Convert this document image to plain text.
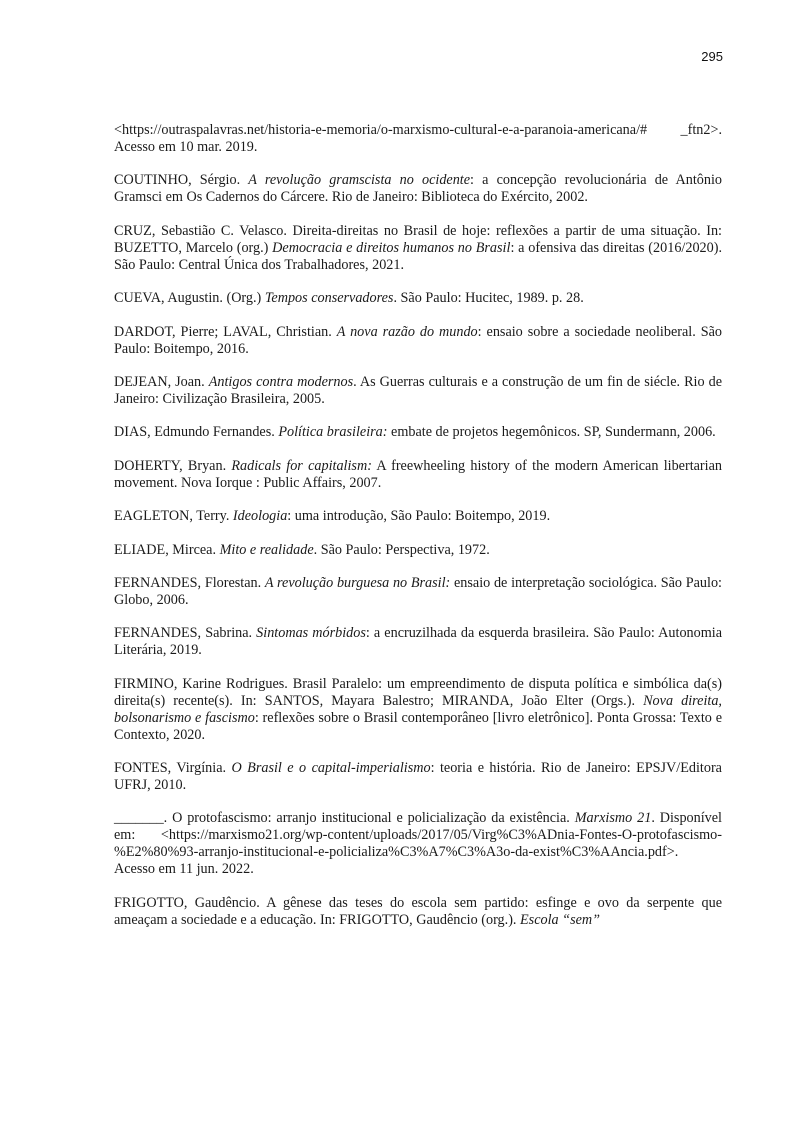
295

<https://outraspalavras.net/historia-e-memoria/o-marxismo-cultural-e-a-paranoia-americana/# _ftn2>. Acesso em 10 mar. 2019.

COUTINHO, Sérgio. A revolução gramscista no ocidente: a concepção revolucionária de Antônio Gramsci em Os Cadernos do Cárcere. Rio de Janeiro: Biblioteca do Exército, 2002.

CRUZ, Sebastião C. Velasco. Direita-direitas no Brasil de hoje: reflexões a partir de uma situação. In: BUZETTO, Marcelo (org.) Democracia e direitos humanos no Brasil: a ofensiva das direitas (2016/2020). São Paulo: Central Única dos Trabalhadores, 2021.

CUEVA, Augustin. (Org.) Tempos conservadores. São Paulo: Hucitec, 1989. p. 28.

DARDOT, Pierre; LAVAL, Christian. A nova razão do mundo: ensaio sobre a sociedade neoliberal. São Paulo: Boitempo, 2016.

DEJEAN, Joan. Antigos contra modernos. As Guerras culturais e a construção de um fin de siécle. Rio de Janeiro: Civilização Brasileira, 2005.

DIAS, Edmundo Fernandes. Política brasileira: embate de projetos hegemônicos. SP, Sundermann, 2006.

DOHERTY, Bryan. Radicals for capitalism: A freewheeling history of the modern American libertarian movement. Nova Iorque : Public Affairs, 2007.

EAGLETON, Terry. Ideologia: uma introdução, São Paulo: Boitempo, 2019.

ELIADE, Mircea. Mito e realidade. São Paulo: Perspectiva, 1972.

FERNANDES, Florestan. A revolução burguesa no Brasil: ensaio de interpretação sociológica. São Paulo: Globo, 2006.

FERNANDES, Sabrina. Sintomas mórbidos: a encruzilhada da esquerda brasileira. São Paulo: Autonomia Literária, 2019.

FIRMINO, Karine Rodrigues. Brasil Paralelo: um empreendimento de disputa política e simbólica da(s) direita(s) recente(s). In: SANTOS, Mayara Balestro; MIRANDA, João Elter (Orgs.). Nova direita, bolsonarismo e fascismo: reflexões sobre o Brasil contemporâneo [livro eletrônico]. Ponta Grossa: Texto e Contexto, 2020.

FONTES, Virgínia. O Brasil e o capital-imperialismo: teoria e história. Rio de Janeiro: EPSJV/Editora UFRJ, 2010.

_______. O protofascismo: arranjo institucional e policialização da existência. Marxismo 21. Disponível em: <https://marxismo21.org/wp-content/uploads/2017/05/Virg%C3%ADnia-Fontes-O-protofascismo-%E2%80%93-arranjo-institucional-e-policializa%C3%A7%C3%A3o-da-exist%C3%AAncia.pdf>. Acesso em 11 jun. 2022.

FRIGOTTO, Gaudêncio. A gênese das teses do escola sem partido: esfinge e ovo da serpente que ameaçam a sociedade e a educação. In: FRIGOTTO, Gaudêncio (org.). Escola “sem”
